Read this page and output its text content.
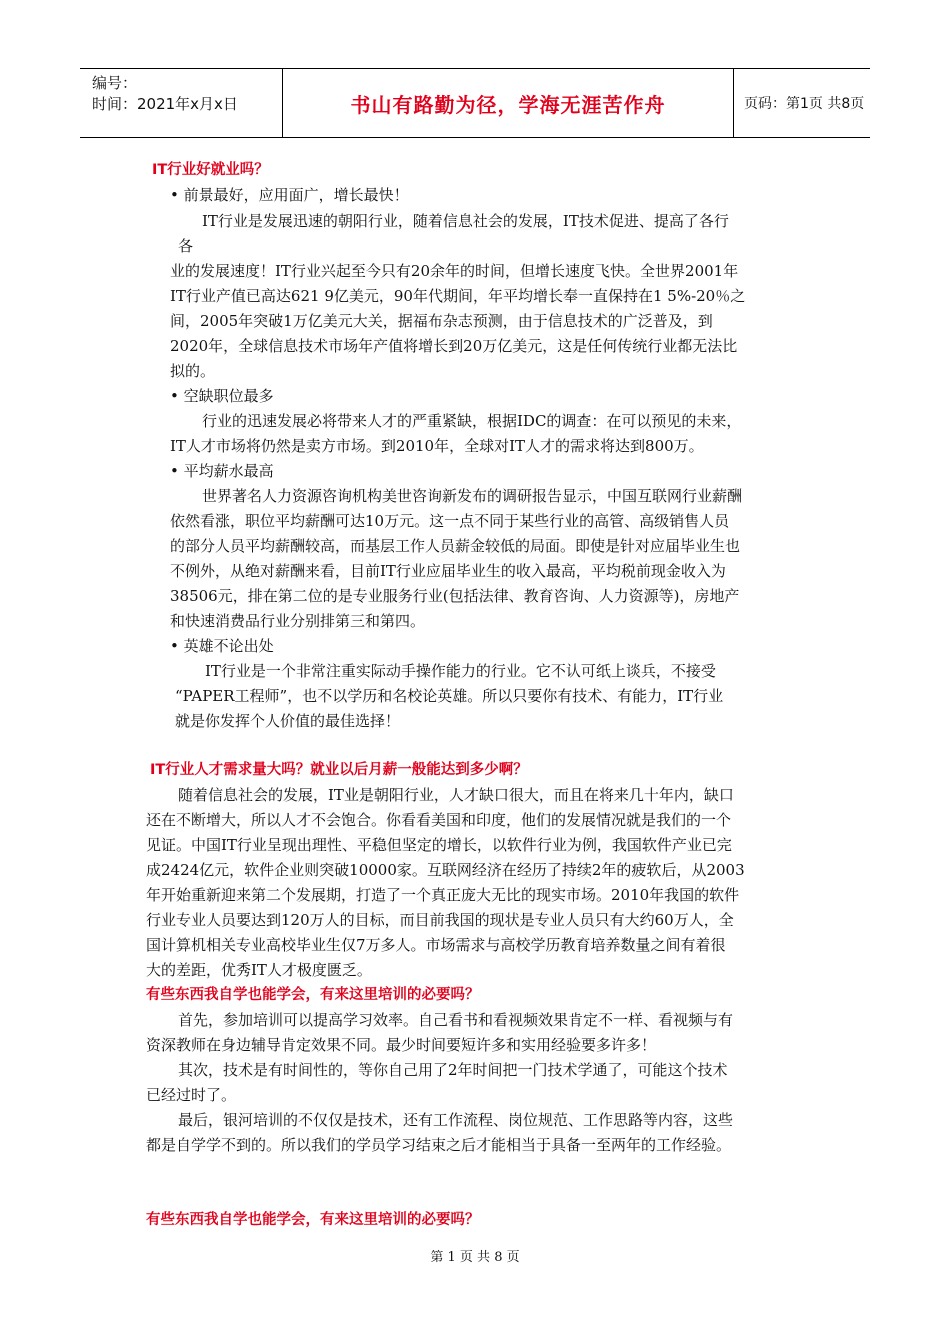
编号：
时间：2021年x月x日	书山有路勤为径，学海无涯苦作舟	页码：第1页 共8页
IT行业好就业吗？
• 前景最好，应用面广，增长最快！
IT行业是发展迅速的朝阳行业，随着信息社会的发展，IT技术促进、提高了各行
各
业的发展速度！IT行业兴起至今只有20余年的时间，但增长速度飞快。全世界2001年
IT行业产值已高达621 9亿美元，90年代期间，年平均增长奉一直保持在1 5%-20％之
间，2005年突破1万亿美元大关，据福布杂志预测，由于信息技术的广泛普及，到
2020年，全球信息技术市场年产值将增长到20万亿美元，这是任何传统行业都无法比
拟的。
• 空缺职位最多
行业的迅速发展必将带来人才的严重紧缺，根据IDC的调查：在可以预见的未来，
IT人才市场将仍然是卖方市场。到2010年，全球对IT人才的需求将达到800万。
• 平均薪水最高
世界著名人力资源咨询机构美世咨询新发布的调研报告显示，中国互联网行业薪酬
依然看涨，职位平均薪酬可达10万元。这一点不同于某些行业的高管、高级销售人员
的部分人员平均薪酬较高，而基层工作人员薪金较低的局面。即使是针对应届毕业生也
不例外，从绝对薪酬来看，目前IT行业应届毕业生的收入最高，平均税前现金收入为
38506元，排在第二位的是专业服务行业(包括法律、教育咨询、人力资源等)，房地产
和快速消费品行业分别排第三和第四。
• 英雄不论出处
IT行业是一个非常注重实际动手操作能力的行业。它不认可纸上谈兵，不接受
“PAPER工程师”，也不以学历和名校论英雄。所以只要你有技术、有能力，IT行业
就是你发挥个人价值的最佳选择！
IT行业人才需求量大吗？就业以后月薪一般能达到多少啊？
随着信息社会的发展，IT业是朝阳行业，人才缺口很大，而且在将来几十年内，缺口
还在不断增大，所以人才不会饱合。你看看美国和印度，他们的发展情况就是我们的一个
见证。中国IT行业呈现出理性、平稳但坚定的增长，以软件行业为例，我国软件产业已完
成2424亿元，软件企业则突破10000家。互联网经济在经历了持续2年的疲软后，从2003
年开始重新迎来第二个发展期，打造了一个真正庞大无比的现实市场。2010年我国的软件
行业专业人员要达到120万人的目标，而目前我国的现状是专业人员只有大约60万人，全
国计算机相关专业高校毕业生仅7万多人。市场需求与高校学历教育培养数量之间有着很
大的差距，优秀IT人才极度匮乏。
有些东西我自学也能学会，有来这里培训的必要吗？
首先，参加培训可以提高学习效率。自己看书和看视频效果肯定不一样、看视频与有
资深教师在身边辅导肯定效果不同。最少时间要短许多和实用经验要多许多！
其次，技术是有时间性的，等你自己用了2年时间把一门技术学通了，可能这个技术
已经过时了。
最后，银河培训的不仅仅是技术，还有工作流程、岗位规范、工作思路等内容，这些
都是自学学不到的。所以我们的学员学习结束之后才能相当于具备一至两年的工作经验。
有些东西我自学也能学会，有来这里培训的必要吗？
第 1 页 共 8 页
